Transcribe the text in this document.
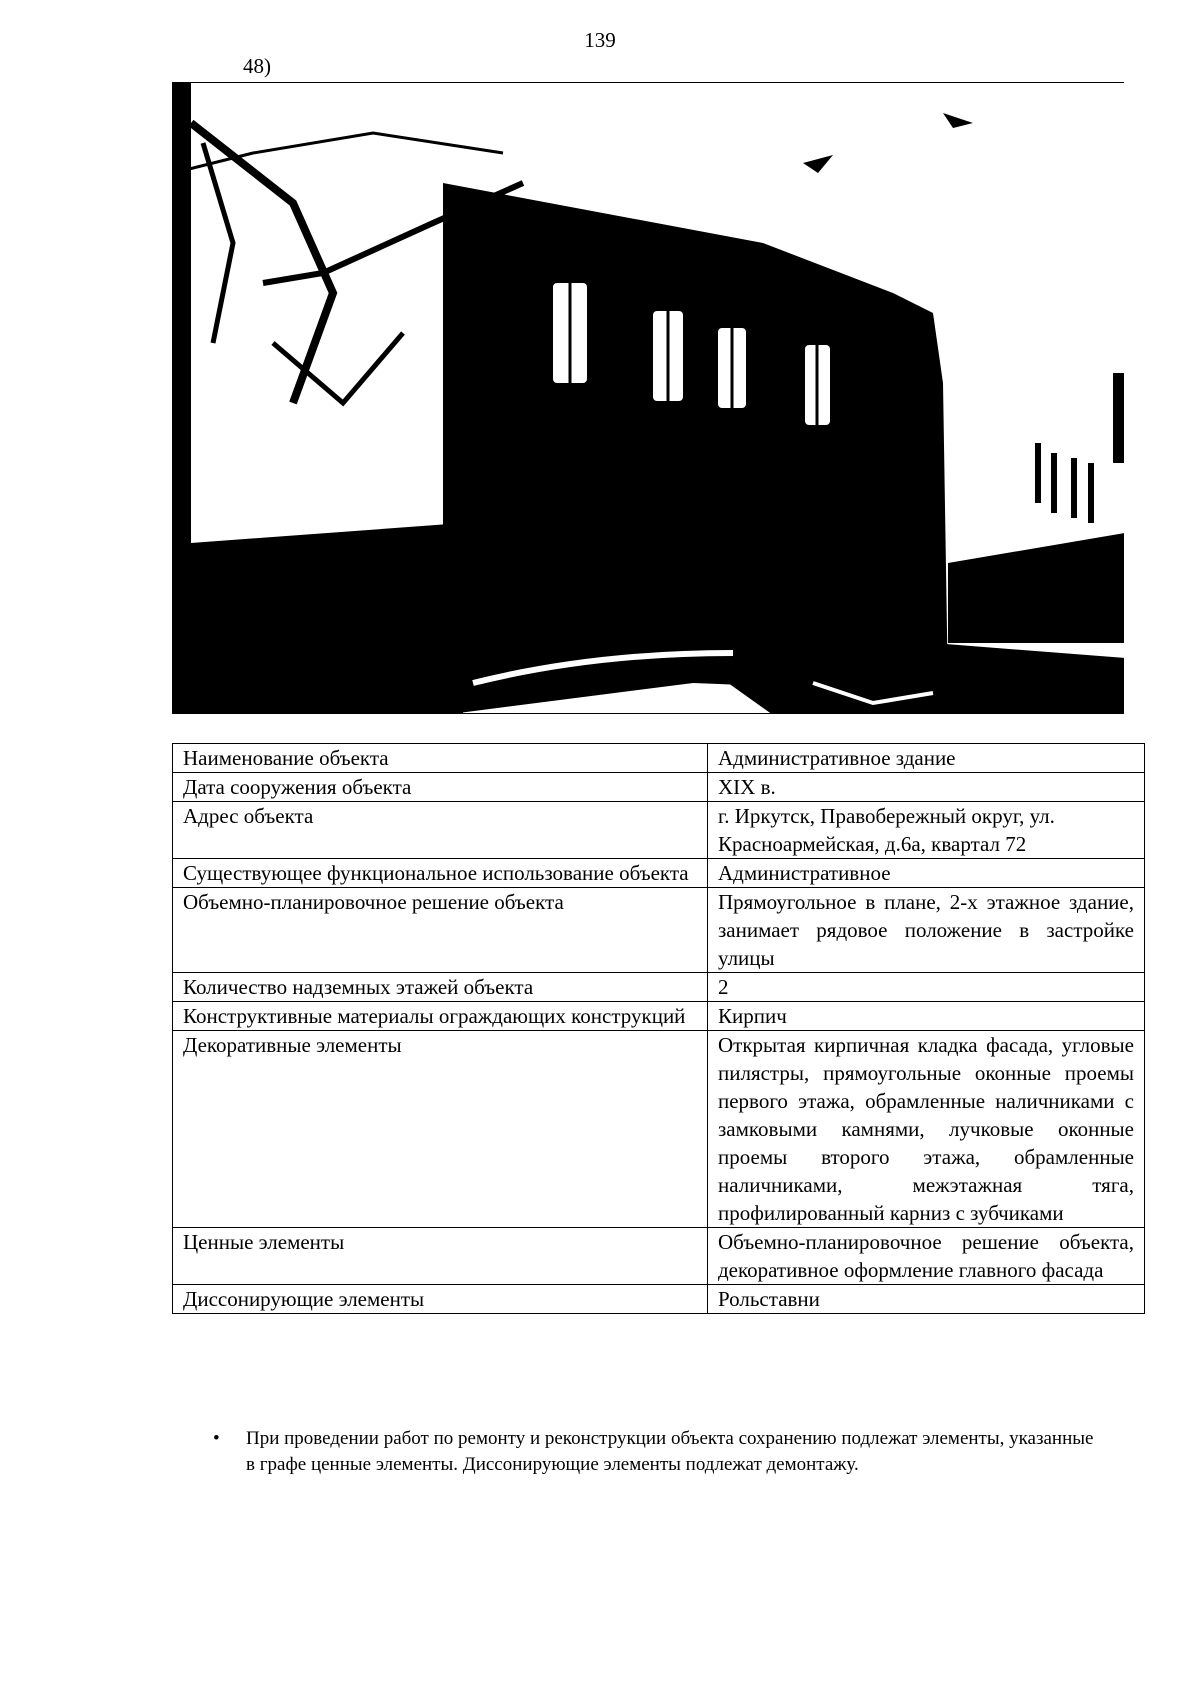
139
48)
Наименование объекта	Административное здание
Дата сооружения объекта	XIX в.
Адрес объекта	г. Иркутск, Правобережный округ, ул. Красноармейская, д.6а, квартал 72
Существующее функциональное использование объекта	Административное
Объемно-планировочное решение объекта	Прямоугольное в плане, 2-х этажное здание, занимает рядовое положение в застройке улицы
Количество надземных этажей объекта	2
Конструктивные материалы ограждающих конструкций	Кирпич
Декоративные элементы	Открытая кирпичная кладка фасада, угловые пилястры, прямоугольные оконные проемы первого этажа, обрамленные наличниками с замковыми камнями, лучковые оконные проемы второго этажа, обрамленные наличниками, межэтажная тяга, профилированный карниз с зубчиками
Ценные элементы	Объемно-планировочное решение объекта, декоративное оформление главного фасада
Диссонирующие элементы	Рольставни
• При проведении работ по ремонту и реконструкции объекта сохранению подлежат элементы, указанные в графе ценные элементы. Диссонирующие элементы подлежат демонтажу.
